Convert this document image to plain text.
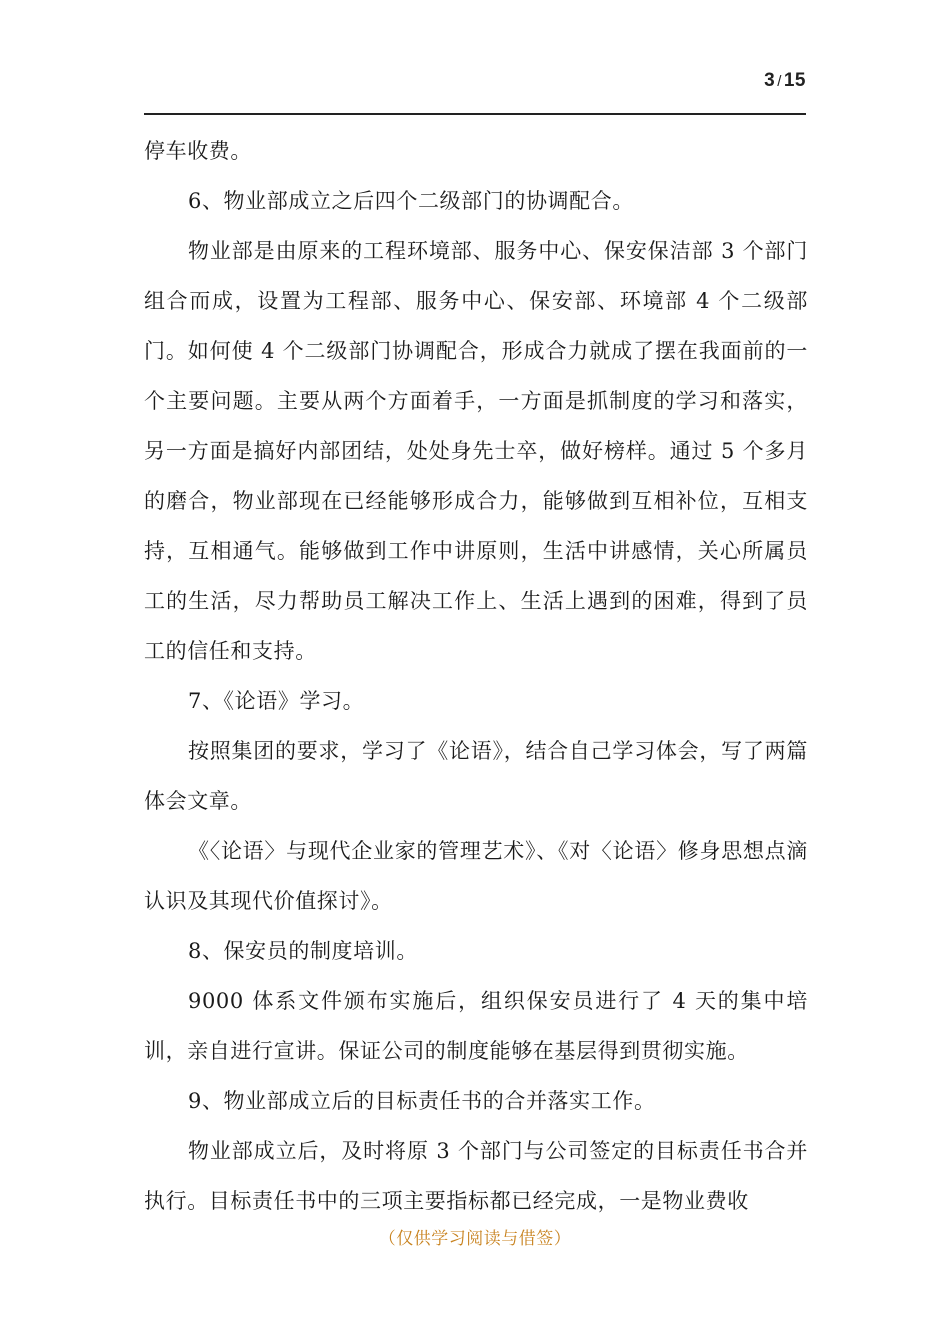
3 / 15

停车收费。

6、物业部成立之后四个二级部门的协调配合。

物业部是由原来的工程环境部、服务中心、保安保洁部 3 个部门组合而成，设置为工程部、服务中心、保安部、环境部 4 个二级部门。如何使 4 个二级部门协调配合，形成合力就成了摆在我面前的一个主要问题。主要从两个方面着手，一方面是抓制度的学习和落实，另一方面是搞好内部团结，处处身先士卒，做好榜样。通过 5 个多月的磨合，物业部现在已经能够形成合力，能够做到互相补位，互相支持，互相通气。能够做到工作中讲原则，生活中讲感情，关心所属员工的生活，尽力帮助员工解决工作上、生活上遇到的困难，得到了员工的信任和支持。

7、《论语》学习。

按照集团的要求，学习了《论语》，结合自己学习体会，写了两篇体会文章。

《〈论语〉与现代企业家的管理艺术》、《对〈论语〉修身思想点滴认识及其现代价值探讨》。

8、保安员的制度培训。

9000 体系文件颁布实施后，组织保安员进行了 4 天的集中培训，亲自进行宣讲。保证公司的制度能够在基层得到贯彻实施。

9、物业部成立后的目标责任书的合并落实工作。

物业部成立后，及时将原 3 个部门与公司签定的目标责任书合并执行。目标责任书中的三项主要指标都已经完成，一是物业费收

（仅供学习阅读与借签）
